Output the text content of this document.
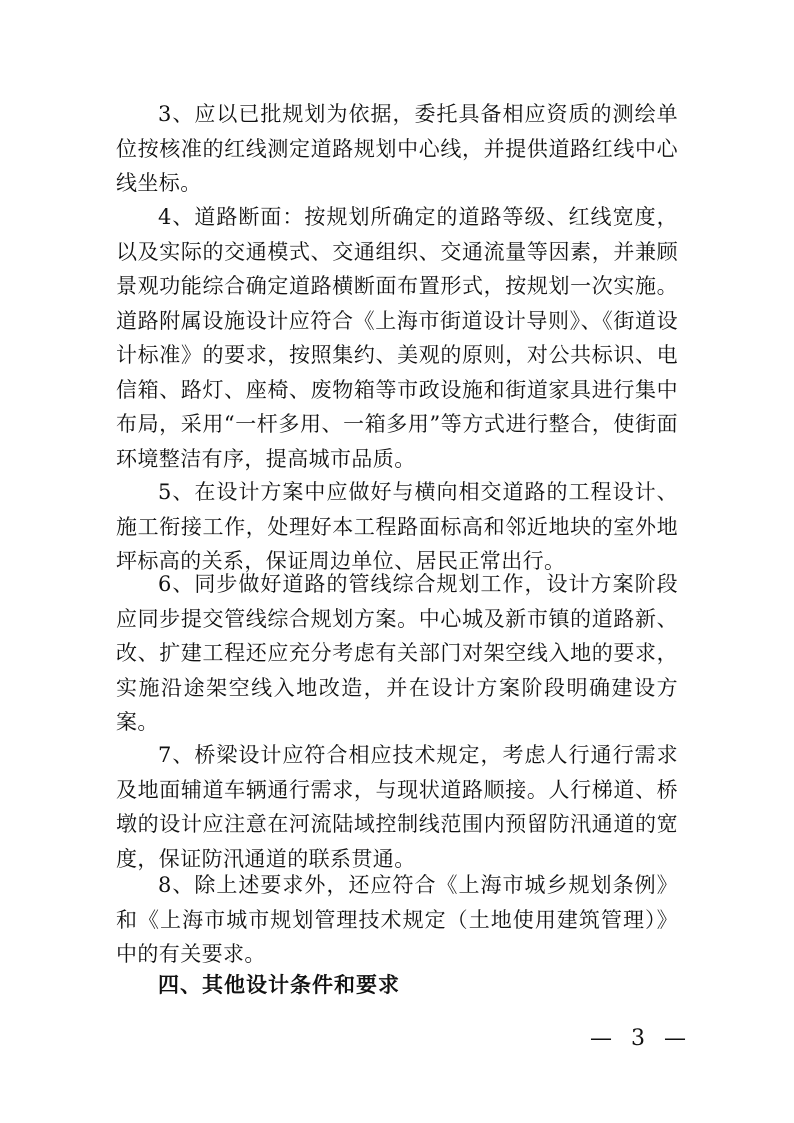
3、应以已批规划为依据，委托具备相应资质的测绘单位按核准的红线测定道路规划中心线，并提供道路红线中心线坐标。

4、道路断面：按规划所确定的道路等级、红线宽度，以及实际的交通模式、交通组织、交通流量等因素，并兼顾景观功能综合确定道路横断面布置形式，按规划一次实施。道路附属设施设计应符合《上海市街道设计导则》、《街道设计标准》的要求，按照集约、美观的原则，对公共标识、电信箱、路灯、座椅、废物箱等市政设施和街道家具进行集中布局，采用“一杆多用、一箱多用”等方式进行整合，使街面环境整洁有序，提高城市品质。

5、在设计方案中应做好与横向相交道路的工程设计、施工衔接工作，处理好本工程路面标高和邻近地块的室外地坪标高的关系，保证周边单位、居民正常出行。

6、同步做好道路的管线综合规划工作，设计方案阶段应同步提交管线综合规划方案。中心城及新市镇的道路新、改、扩建工程还应充分考虑有关部门对架空线入地的要求，实施沿途架空线入地改造，并在设计方案阶段明确建设方案。

7、桥梁设计应符合相应技术规定，考虑人行通行需求及地面辅道车辆通行需求，与现状道路顺接。人行梯道、桥墩的设计应注意在河流陆域控制线范围内预留防汛通道的宽度，保证防汛通道的联系贯通。

8、除上述要求外，还应符合《上海市城乡规划条例》和《上海市城市规划管理技术规定（土地使用建筑管理）》中的有关要求。

四、其他设计条件和要求
— 3 —
